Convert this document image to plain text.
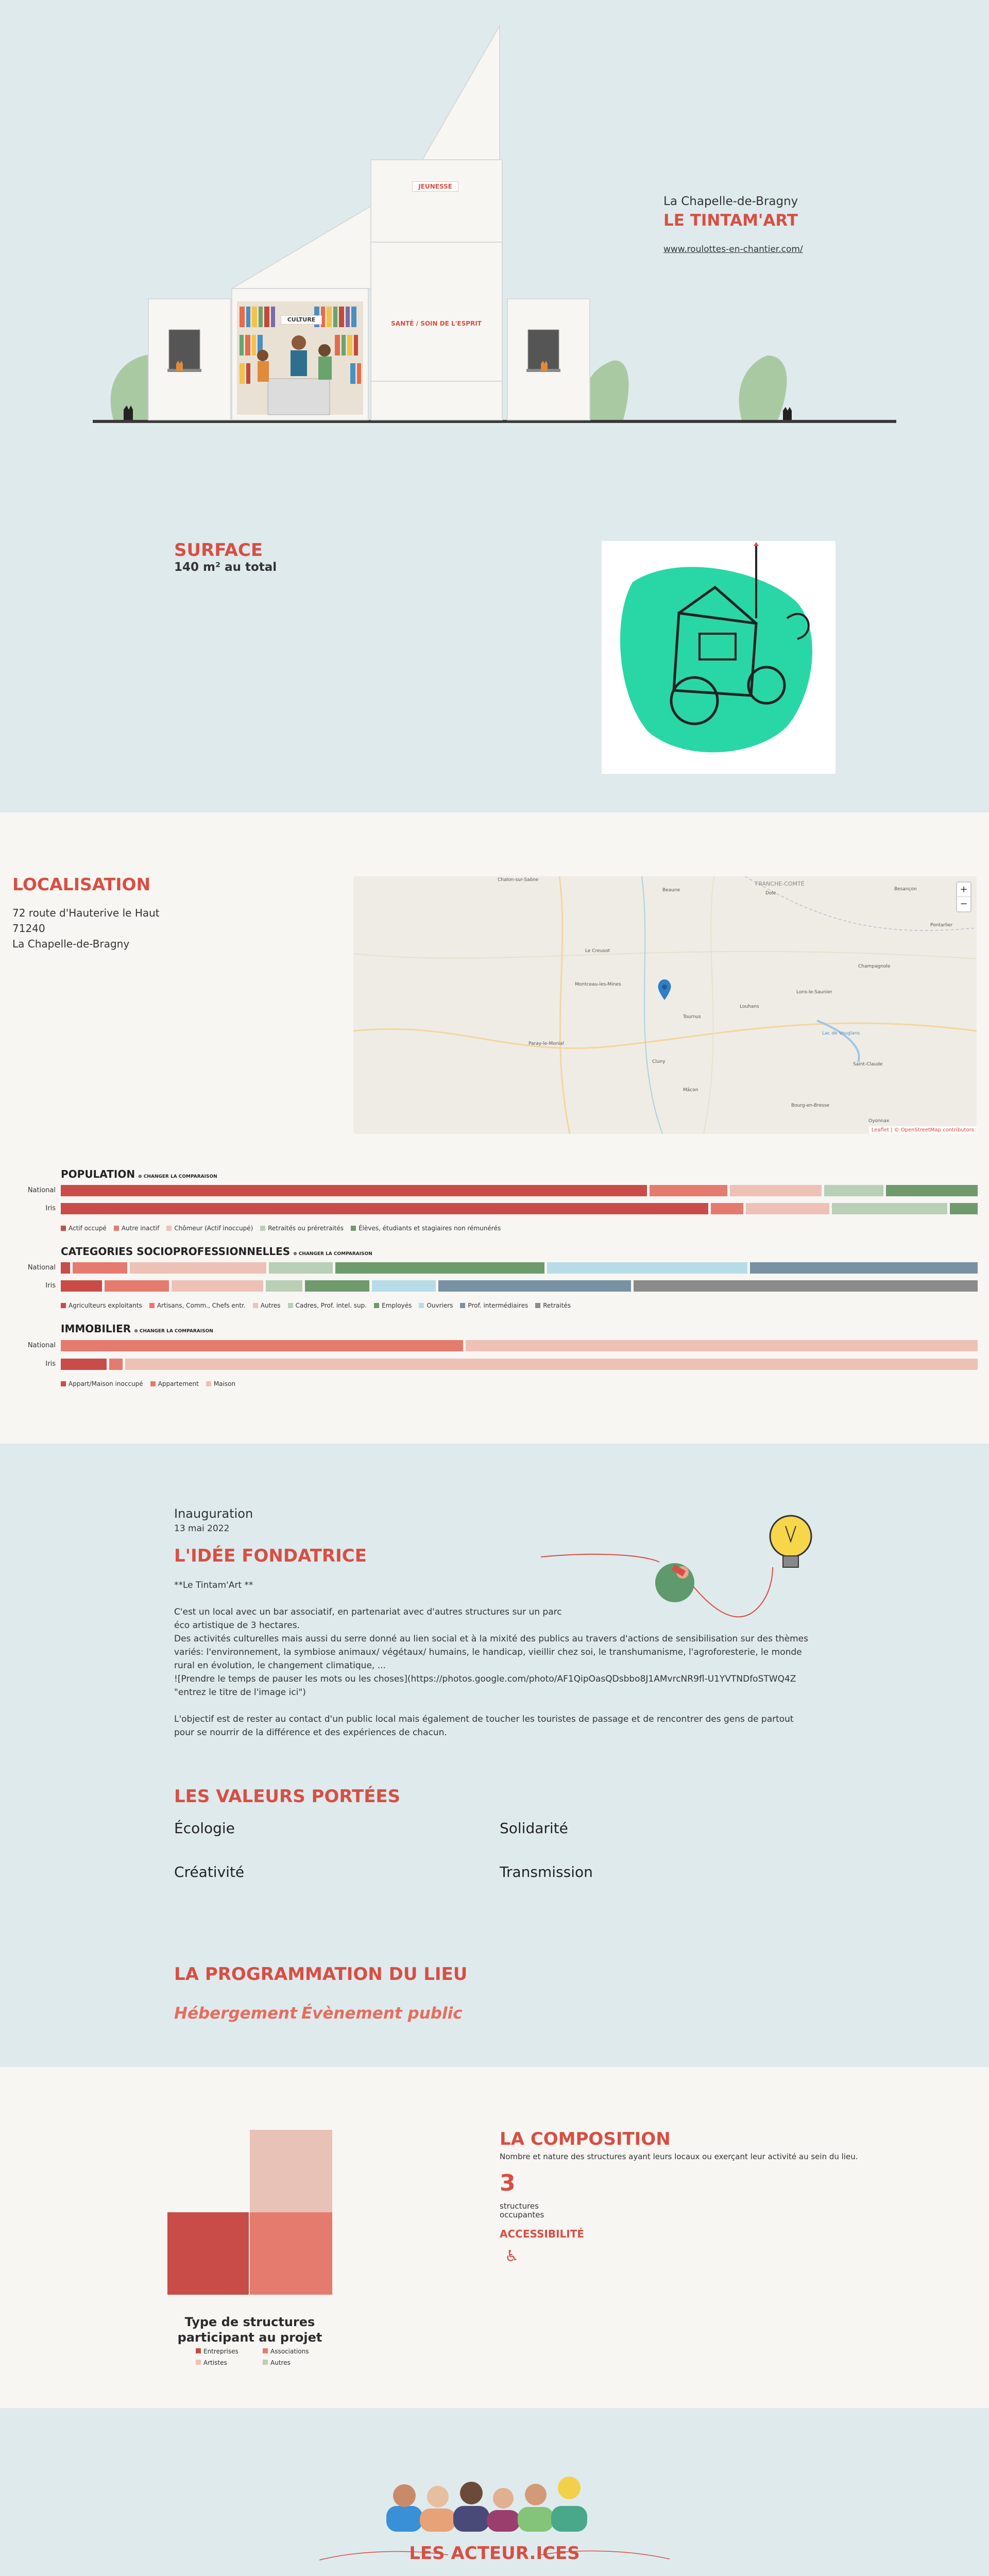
JEUNESSE
CULTURE
SANTÉ / SOIN DE L'ESPRIT
La Chapelle-de-Bragny
LE TINTAM'ART
www.roulottes-en-chantier.com/
SURFACE
140 m² au total
LOCALISATION
72 route d'Hauterive le Haut
71240
La Chapelle-de-Bragny
Chalon-sur-Saône
Beaune
Dole
Louhans
Tournus
Mâcon
Le Creusot
Montceau-les-Mines
Bourg-en-Bresse
Lons-le-Saunier
Besançon
Paray-le-Monial
Cluny
Champagnole
Pontarlier
Saint-Claude
Oyonnax
Lac de Vouglans
FRANCHE-COMTÉ
+
−
Leaflet | © OpenStreetMap contributors
POPULATION ⊕ CHANGER LA COMPARAISON
National
Iris
Actif occupé	Autre inactif	Chômeur (Actif inoccupé)	Retraités ou préretraités	Élèves, étudiants et stagiaires non rémunérés
CATEGORIES SOCIOPROFESSIONNELLES ⊕ CHANGER LA COMPARAISON
National
Iris
Agriculteurs exploitants	Artisans, Comm., Chefs entr.	Autres	Cadres, Prof. intel. sup.	Employés	Ouvriers	Prof. intermédiaires	Retraités
IMMOBILIER ⊕ CHANGER LA COMPARAISON
National
Iris
Appart/Maison inoccupé	Appartement	Maison
Inauguration
13 mai 2022
L'IDÉE FONDATRICE
**Le Tintam'Art **
C'est un local avec un bar associatif, en partenariat avec d'autres structures sur un parc
éco artistique de 3 hectares.
Des activités culturelles mais aussi du serre donné au lien social et à la mixité des publics au travers d'actions de sensibilisation sur des thèmes variés: l'environnement, la symbiose animaux/ végétaux/ humains, le handicap, vieillir chez soi, le transhumanisme, l'agroforesterie, le monde rural en évolution, le changement climatique, ...
![Prendre le temps de pauser les mots ou les choses](https://photos.google.com/photo/AF1QipOasQDsbbo8J1AMvrcNR9fl-U1YVTNDfoSTWQ4Z "entrez le titre de l'image ici")
L'objectif est de rester au contact d'un public local mais également de toucher les touristes de passage et de rencontrer des gens de partout pour se nourrir de la différence et des expériences de chacun.
LES VALEURS PORTÉES
Écologie	Solidarité
Créativité	Transmission
LA PROGRAMMATION DU LIEU
Hébergement Évènement public
Type de structures
participant au projet
Entreprises	Associations
Artistes	Autres
LA COMPOSITION
Nombre et nature des structures ayant leurs locaux ou exerçant leur activité au sein du lieu.
3
structures
occupantes
ACCESSIBILITÉ
♿
LES ACTEUR.ICES
